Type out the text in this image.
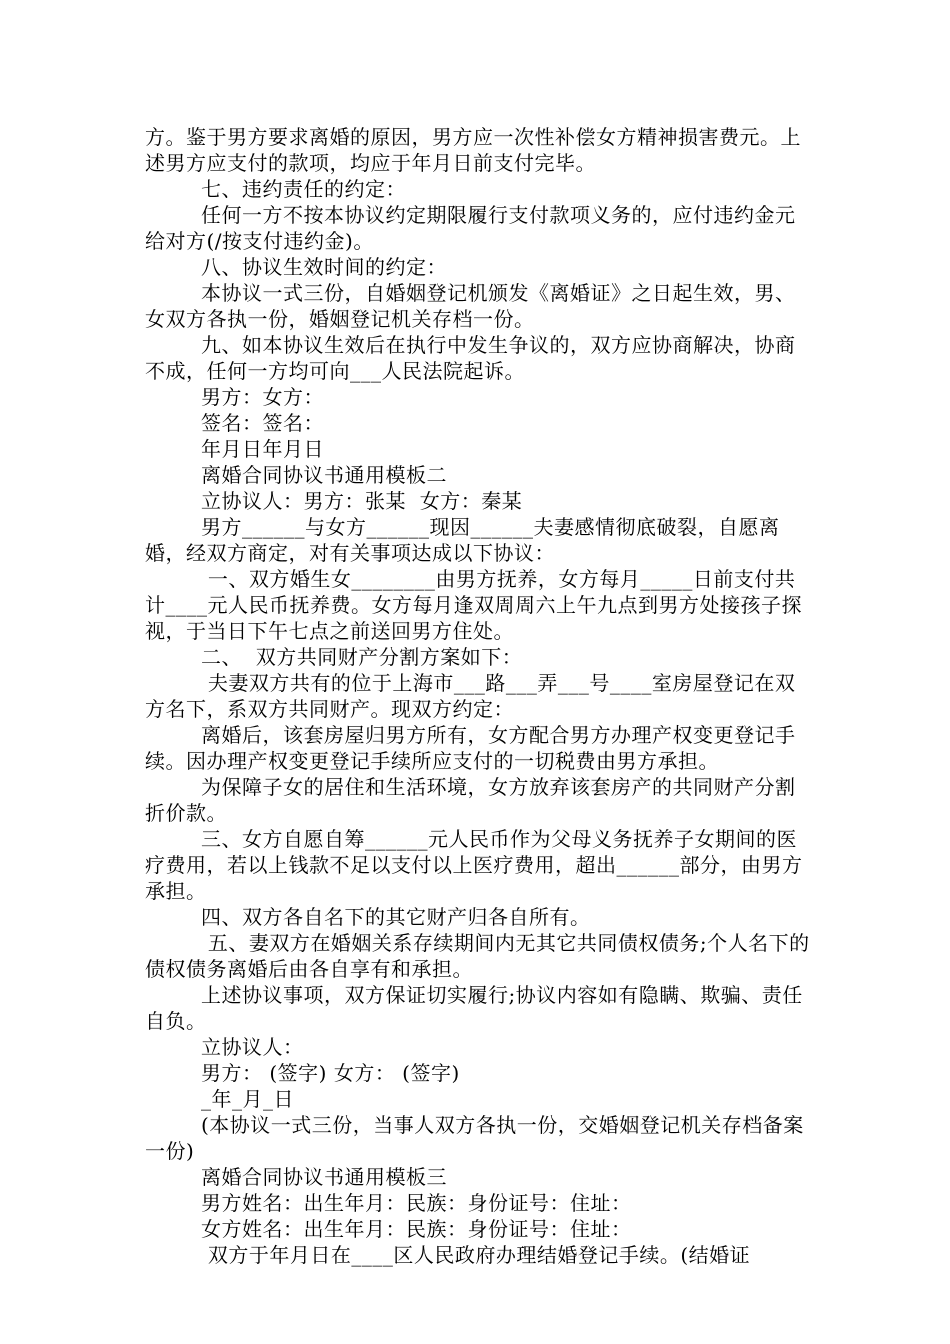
方。鉴于男方要求离婚的原因，男方应一次性补偿女方精神损害费元。上述男方应支付的款项，均应于年月日前支付完毕。

七、违约责任的约定：

任何一方不按本协议约定期限履行支付款项义务的，应付违约金元给对方(/按支付违约金)。

八、协议生效时间的约定：

本协议一式三份，自婚姻登记机颁发《离婚证》之日起生效，男、女双方各执一份，婚姻登记机关存档一份。

九、如本协议生效后在执行中发生争议的，双方应协商解决，协商不成，任何一方均可向___人民法院起诉。

男方：女方：

签名：签名：

年月日年月日

离婚合同协议书通用模板二

立协议人：男方：张某  女方：秦某

男方______与女方______现因______夫妻感情彻底破裂，自愿离婚，经双方商定，对有关事项达成以下协议：

一、双方婚生女________由男方抚养，女方每月_____日前支付共计____元人民币抚养费。女方每月逢双周周六上午九点到男方处接孩子探视，于当日下午七点之前送回男方住处。

二、  双方共同财产分割方案如下：

夫妻双方共有的位于上海市___路___弄___号____室房屋登记在双方名下，系双方共同财产。现双方约定：

离婚后，该套房屋归男方所有，女方配合男方办理产权变更登记手续。因办理产权变更登记手续所应支付的一切税费由男方承担。

为保障子女的居住和生活环境，女方放弃该套房产的共同财产分割折价款。

三、女方自愿自筹______元人民币作为父母义务抚养子女期间的医疗费用，若以上钱款不足以支付以上医疗费用，超出______部分，由男方承担。

四、双方各自名下的其它财产归各自所有。

五、妻双方在婚姻关系存续期间内无其它共同债权债务;个人名下的债权债务离婚后由各自享有和承担。

上述协议事项，双方保证切实履行;协议内容如有隐瞒、欺骗、责任自负。

立协议人：

男方： (签字) 女方： (签字)

_年_月_日

(本协议一式三份，当事人双方各执一份，交婚姻登记机关存档备案一份)

离婚合同协议书通用模板三

男方姓名：出生年月：民族：身份证号：住址：

女方姓名：出生年月：民族：身份证号：住址：

双方于年月日在____区人民政府办理结婚登记手续。(结婚证
